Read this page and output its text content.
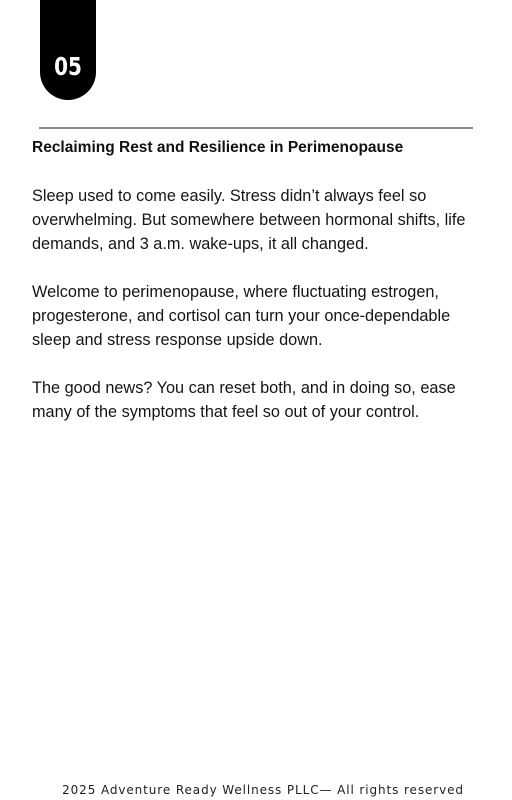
05
Reclaiming Rest and Resilience in Perimenopause

Sleep used to come easily. Stress didn’t always feel so overwhelming. But somewhere between hormonal shifts, life demands, and 3 a.m. wake-ups, it all changed.

Welcome to perimenopause, where fluctuating estrogen, progesterone, and cortisol can turn your once-dependable sleep and stress response upside down.

The good news? You can reset both, and in doing so, ease many of the symptoms that feel so out of your control.

2025 Adventure Ready Wellness PLLC— All rights reserved
